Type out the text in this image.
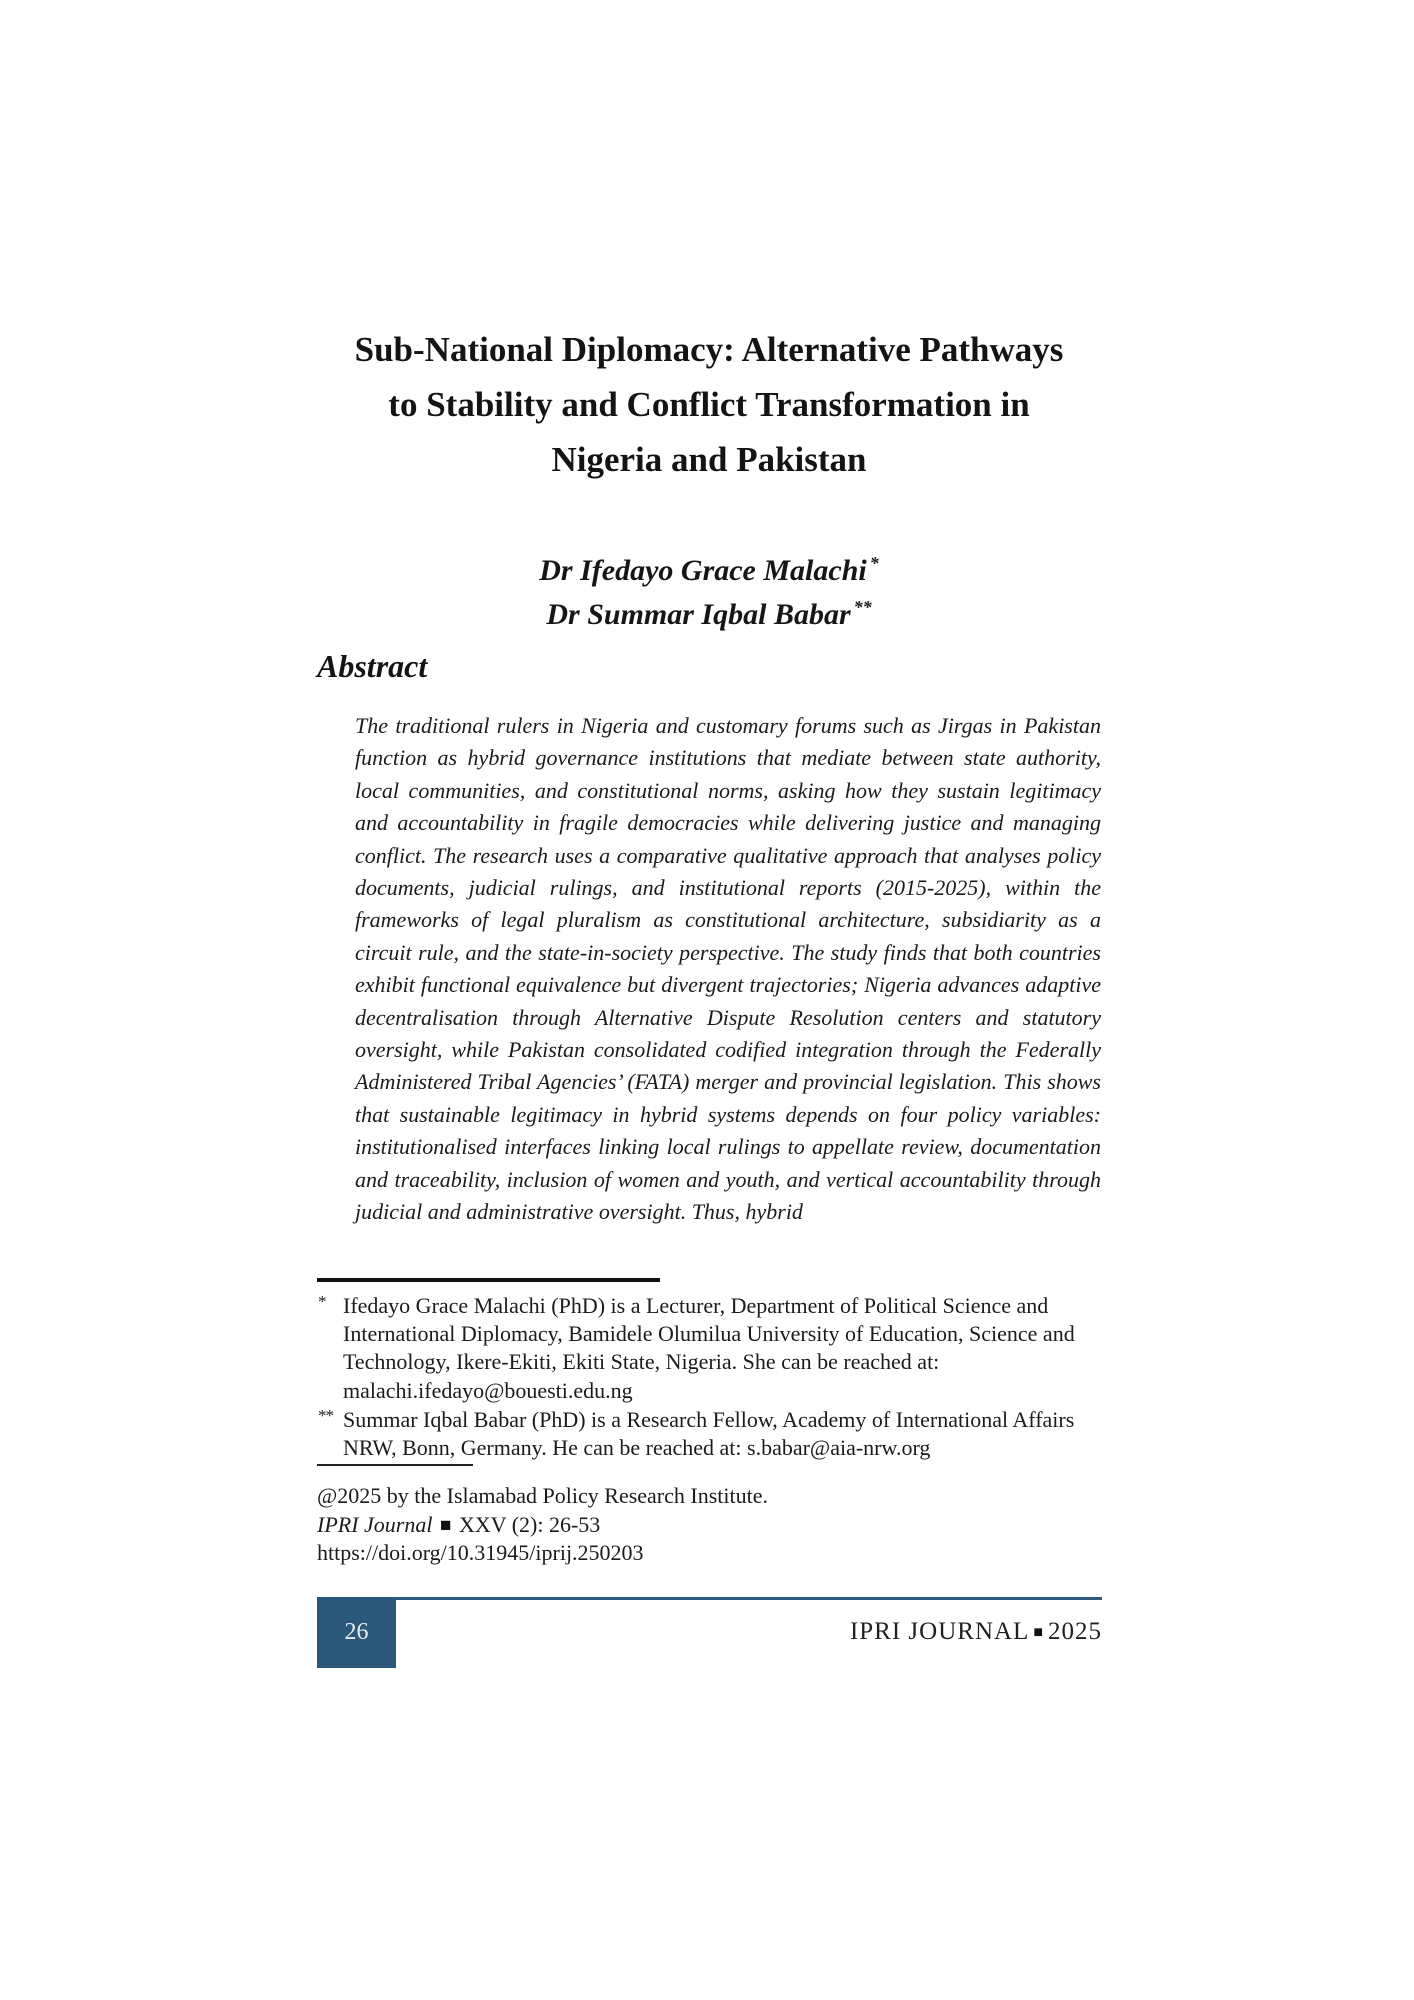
Sub-National Diplomacy: Alternative Pathways
to Stability and Conflict Transformation in
Nigeria and Pakistan
Dr Ifedayo Grace Malachi *
Dr Summar Iqbal Babar **
Abstract
The traditional rulers in Nigeria and customary forums such as Jirgas in Pakistan function as hybrid governance institutions that mediate between state authority, local communities, and constitutional norms, asking how they sustain legitimacy and accountability in fragile democracies while delivering justice and managing conflict. The research uses a comparative qualitative approach that analyses policy documents, judicial rulings, and institutional reports (2015-2025), within the frameworks of legal pluralism as constitutional architecture, subsidiarity as a circuit rule, and the state-in-society perspective. The study finds that both countries exhibit functional equivalence but divergent trajectories; Nigeria advances adaptive decentralisation through Alternative Dispute Resolution centers and statutory oversight, while Pakistan consolidated codified integration through the Federally Administered Tribal Agencies’ (FATA) merger and provincial legislation. This shows that sustainable legitimacy in hybrid systems depends on four policy variables: institutionalised interfaces linking local rulings to appellate review, documentation and traceability, inclusion of women and youth, and vertical accountability through judicial and administrative oversight. Thus, hybrid
* Ifedayo Grace Malachi (PhD) is a Lecturer, Department of Political Science and
International Diplomacy, Bamidele Olumilua University of Education, Science and
Technology, Ikere-Ekiti, Ekiti State, Nigeria. She can be reached at:
malachi.ifedayo@bouesti.edu.ng
** Summar Iqbal Babar (PhD) is a Research Fellow, Academy of International Affairs
NRW, Bonn, Germany. He can be reached at: s.babar@aia-nrw.org
@2025 by the Islamabad Policy Research Institute.
IPRI Journal ■ XXV (2): 26-53
https://doi.org/10.31945/iprij.250203
26	IPRI JOURNAL ■ 2025
